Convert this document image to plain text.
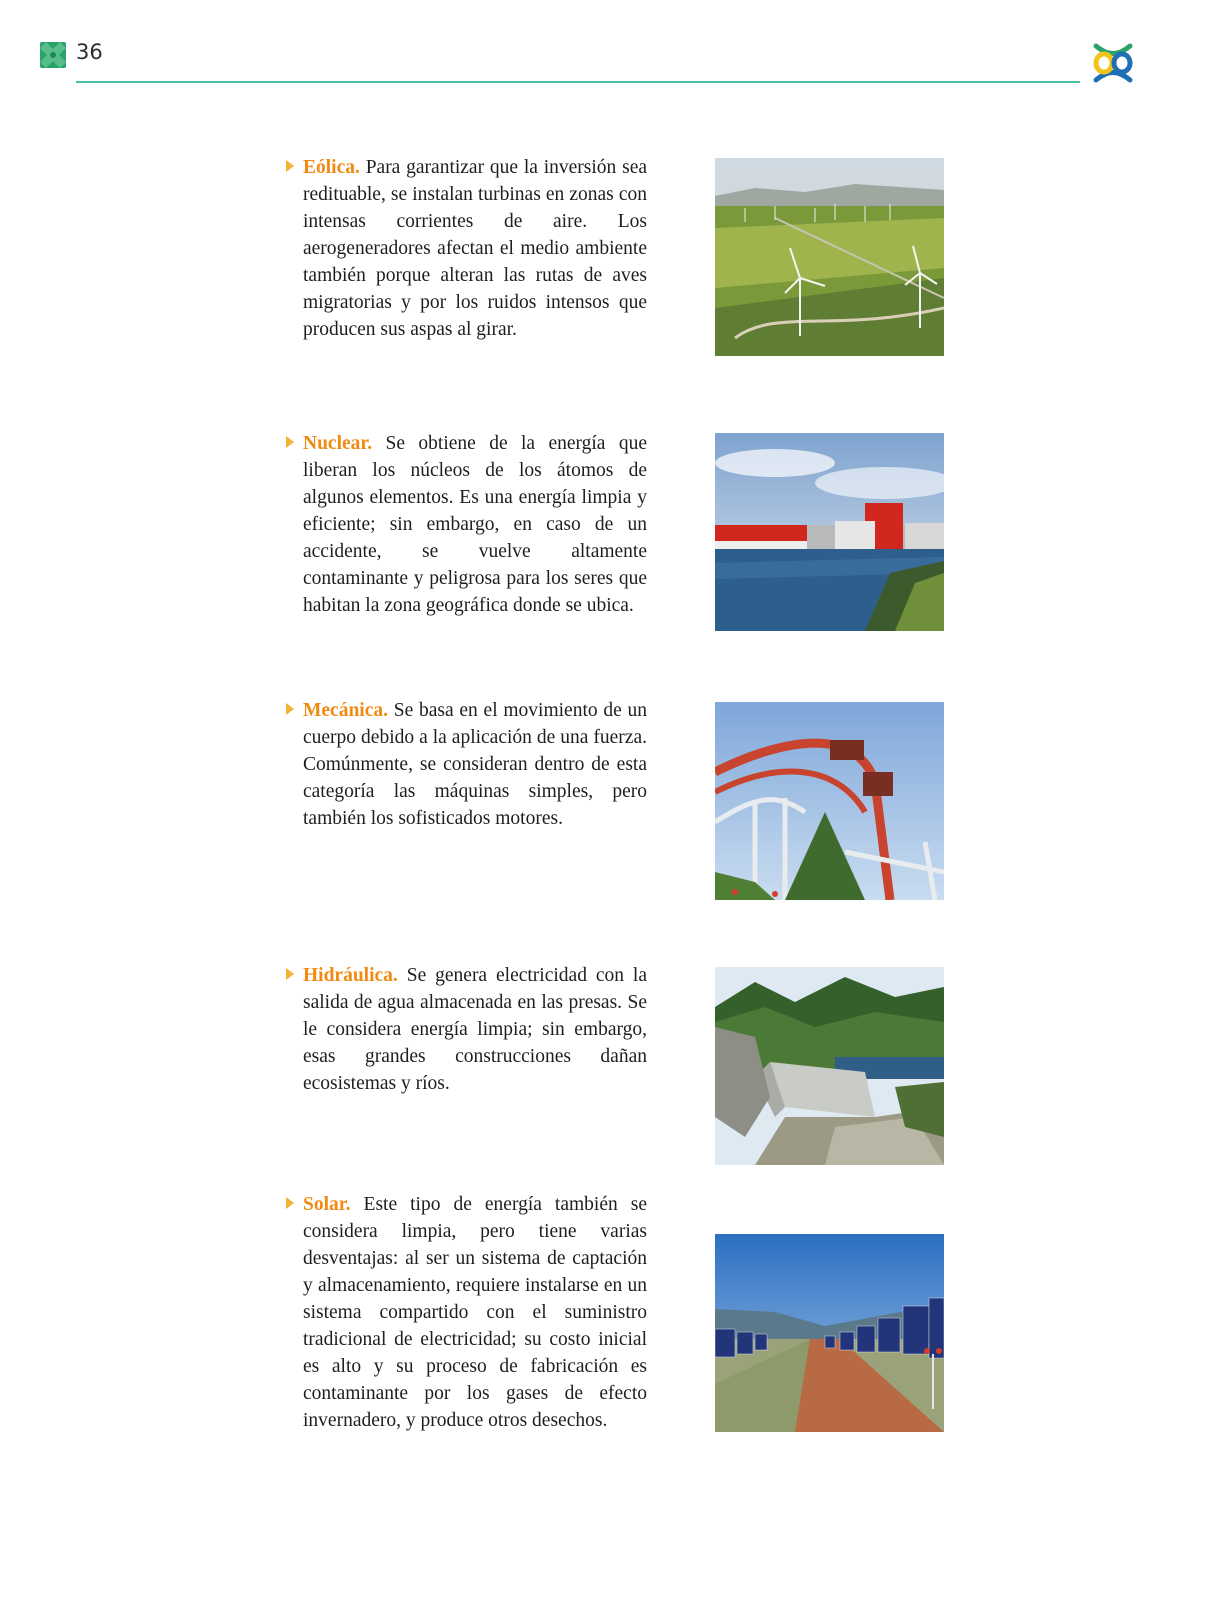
36
Eólica. Para garantizar que la inversión sea redituable, se instalan turbinas en zonas con intensas corrientes de aire. Los aerogeneradores afectan el medio ambiente también porque alteran las rutas de aves migratorias y por los ruidos intensos que producen sus aspas al girar.
Nuclear. Se obtiene de la energía que liberan los núcleos de los átomos de algunos elementos. Es una energía limpia y eficiente; sin embargo, en caso de un accidente, se vuelve altamente contaminante y peligrosa para los seres que habitan la zona geográfica donde se ubica.
Mecánica. Se basa en el movimiento de un cuerpo debido a la aplicación de una fuerza. Comúnmente, se consideran dentro de esta categoría las máquinas simples, pero también los sofisticados motores.
Hidráulica. Se genera electricidad con la salida de agua almacenada en las presas. Se le considera energía limpia; sin embargo, esas grandes construcciones dañan ecosistemas y ríos.
Solar. Este tipo de energía también se considera limpia, pero tiene varias desventajas: al ser un sistema de captación y almacenamiento, requiere instalarse en un sistema compartido con el suministro tradicional de electricidad; su costo inicial es alto y su proceso de fabricación es contaminante por los gases de efecto invernadero, y produce otros desechos.
